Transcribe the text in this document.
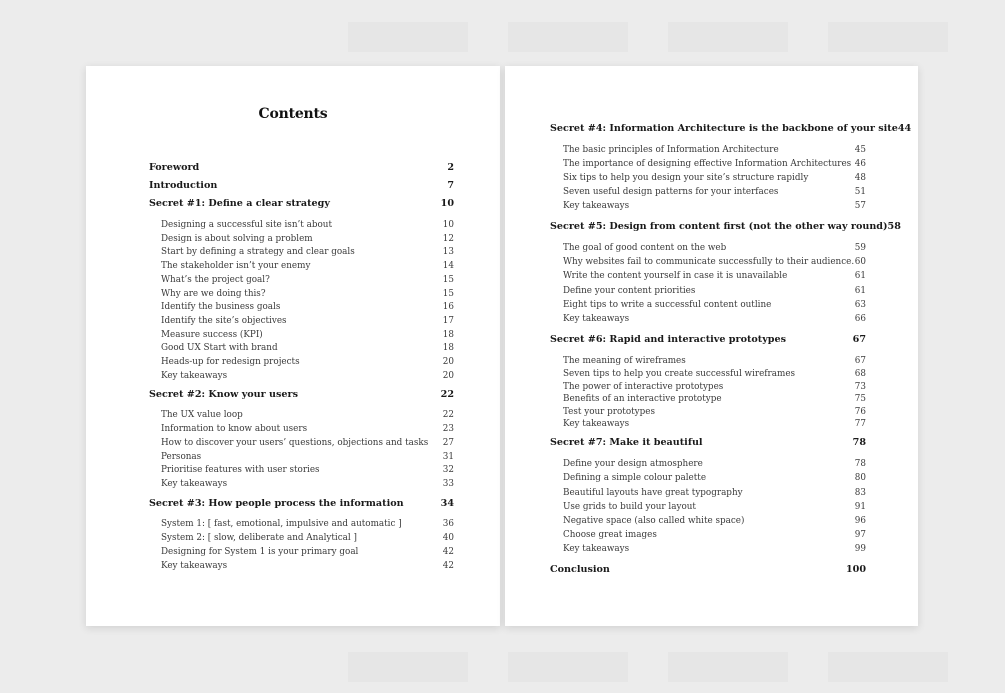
Contents
Foreword	2
Introduction	7
Secret #1: Define a clear strategy	10
Designing a successful site isn’t about	10
Design is about solving a problem	12
Start by defining a strategy and clear goals	13
The stakeholder isn’t your enemy	14
What’s the project goal?	15
Why are we doing this?	15
Identify the business goals	16
Identify the site’s objectives	17
Measure success (KPI)	18
Good UX Start with brand	18
Heads-up for redesign projects	20
Key takeaways	20
Secret #2: Know your users	22
The UX value loop	22
Information to know about users	23
How to discover your users’ questions, objections and tasks 27
Personas	31
Prioritise features with user stories	32
Key takeaways	33
Secret #3: How people process the information	34
System 1: [ fast, emotional, impulsive and automatic ]	36
System 2: [ slow, deliberate and Analytical ]	40
Designing for System 1 is your primary goal	42
Key takeaways	42
Secret #4: Information Architecture is the backbone of your site 44
The basic principles of Information Architecture	45
The importance of designing effective Information Architectures 46
Six tips to help you design your site’s structure rapidly	48
Seven useful design patterns for your interfaces	51
Key takeaways	57
Secret #5: Design from content first (not the other way round) 58
The goal of good content on the web	59
Why websites fail to communicate successfully to their audience. 60
Write the content yourself in case it is unavailable	61
Define your content priorities	61
Eight tips to write a successful content outline	63
Key takeaways	66
Secret #6: Rapid and interactive prototypes	67
The meaning of wireframes	67
Seven tips to help you create successful wireframes	68
The power of interactive prototypes	73
Benefits of an interactive prototype	75
Test your prototypes	76
Key takeaways	77
Secret #7: Make it beautiful	78
Define your design atmosphere	78
Defining a simple colour palette	80
Beautiful layouts have great typography	83
Use grids to build your layout	91
Negative space (also called white space)	96
Choose great images	97
Key takeaways	99
Conclusion	100
